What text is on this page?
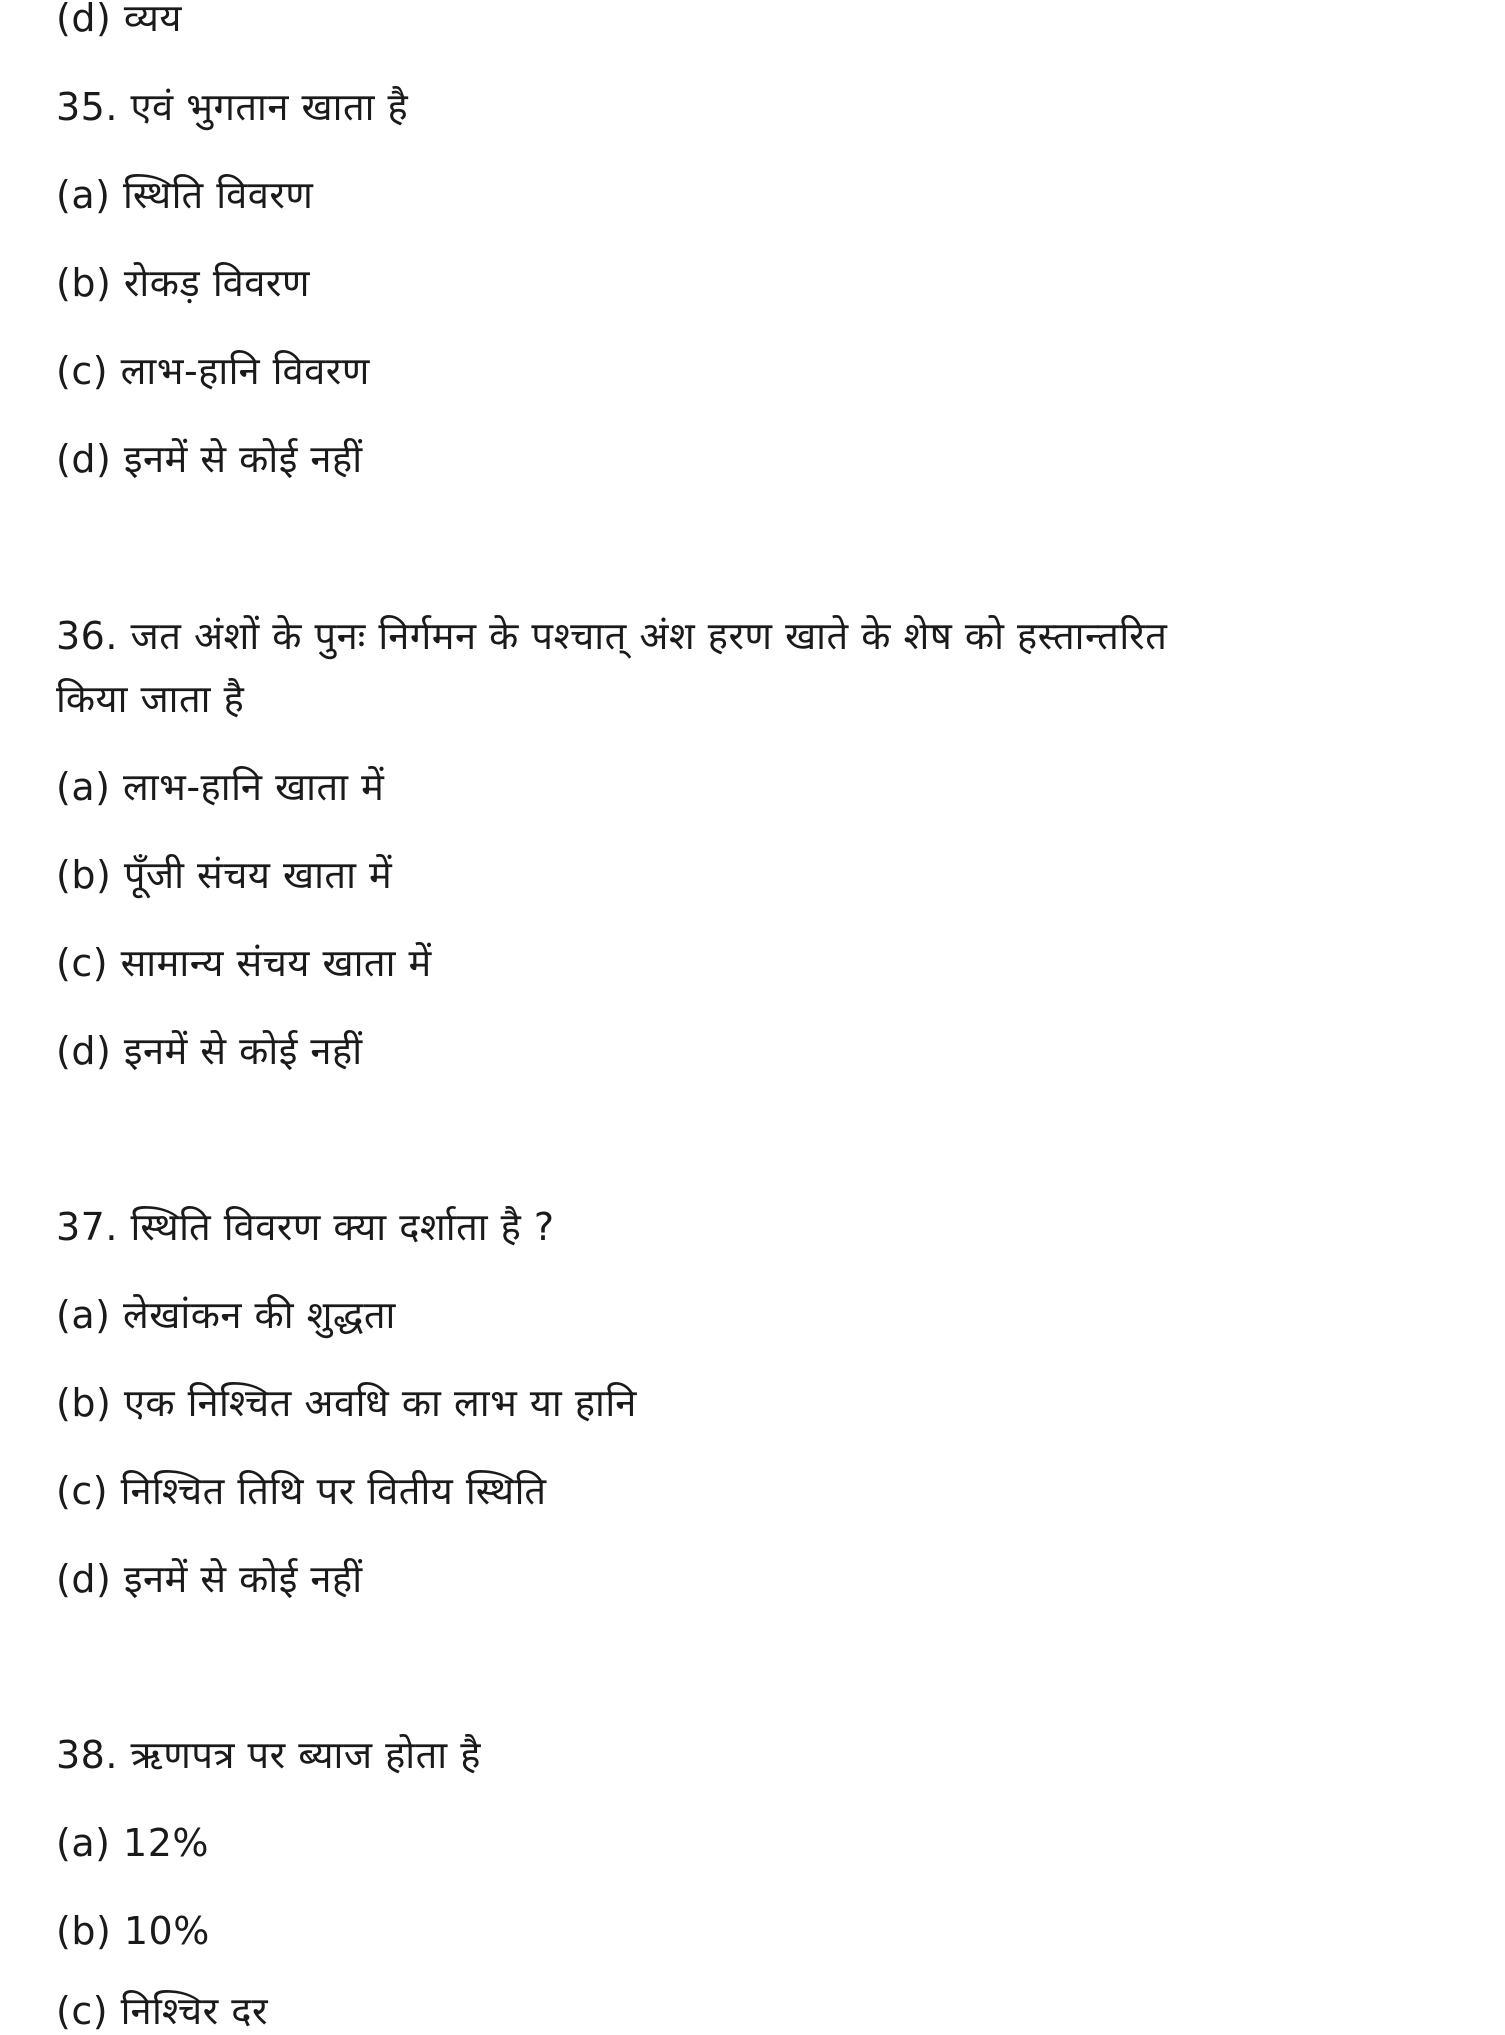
(d) व्यय
35. एवं भुगतान खाता है
(a) स्थिति विवरण
(b) रोकड़ विवरण
(c) लाभ-हानि विवरण
(d) इनमें से कोई नहीं
36. जत अंशों के पुनः निर्गमन के पश्चात् अंश हरण खाते के शेष को हस्तान्तरित
किया जाता है
(a) लाभ-हानि खाता में
(b) पूँजी संचय खाता में
(c) सामान्य संचय खाता में
(d) इनमें से कोई नहीं
37. स्थिति विवरण क्या दर्शाता है ?
(a) लेखांकन की शुद्धता
(b) एक निश्चित अवधि का लाभ या हानि
(c) निश्चित तिथि पर वितीय स्थिति
(d) इनमें से कोई नहीं
38. ऋणपत्र पर ब्याज होता है
(a) 12%
(b) 10%
(c) निश्चिर दर
